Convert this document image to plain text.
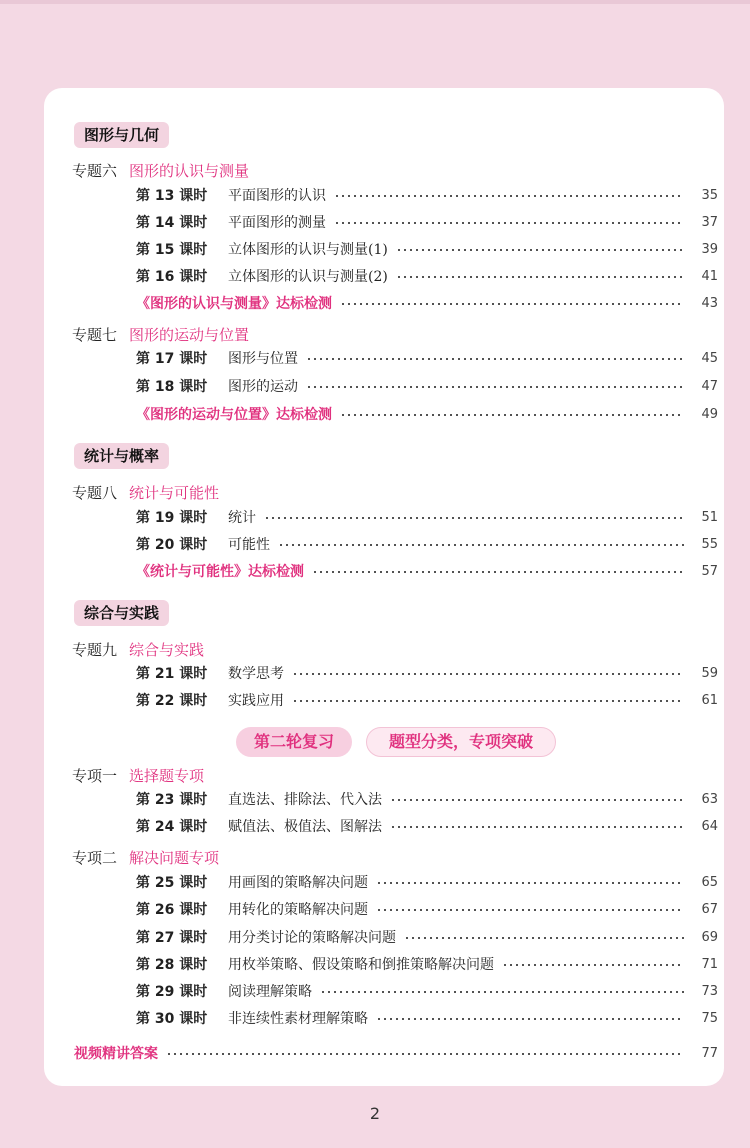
图形与几何
统计与概率
综合与实践
专题六 图形的认识与测量
专题七 图形的运动与位置
专题八 统计与可能性
专题九 综合与实践
专项一 选择题专项
专项二 解决问题专项
第 13 课时	平面图形的认识	35
第 14 课时	平面图形的测量	37
第 15 课时	立体图形的认识与测量(1)	39
第 16 课时	立体图形的认识与测量(2)	41
《图形的认识与测量》达标检测	43
第 17 课时	图形与位置	45
第 18 课时	图形的运动	47
《图形的运动与位置》达标检测	49
第 19 课时	统计	51
第 20 课时	可能性	55
《统计与可能性》达标检测	57
第 21 课时	数学思考	59
第 22 课时	实践应用	61
第二轮复习	题型分类，专项突破
第 23 课时	直选法、排除法、代入法	63
第 24 课时	赋值法、极值法、图解法	64
第 25 课时	用画图的策略解决问题	65
第 26 课时	用转化的策略解决问题	67
第 27 课时	用分类讨论的策略解决问题	69
第 28 课时	用枚举策略、假设策略和倒推策略解决问题	71
第 29 课时	阅读理解策略	73
第 30 课时	非连续性素材理解策略	75
视频精讲答案	77
2
